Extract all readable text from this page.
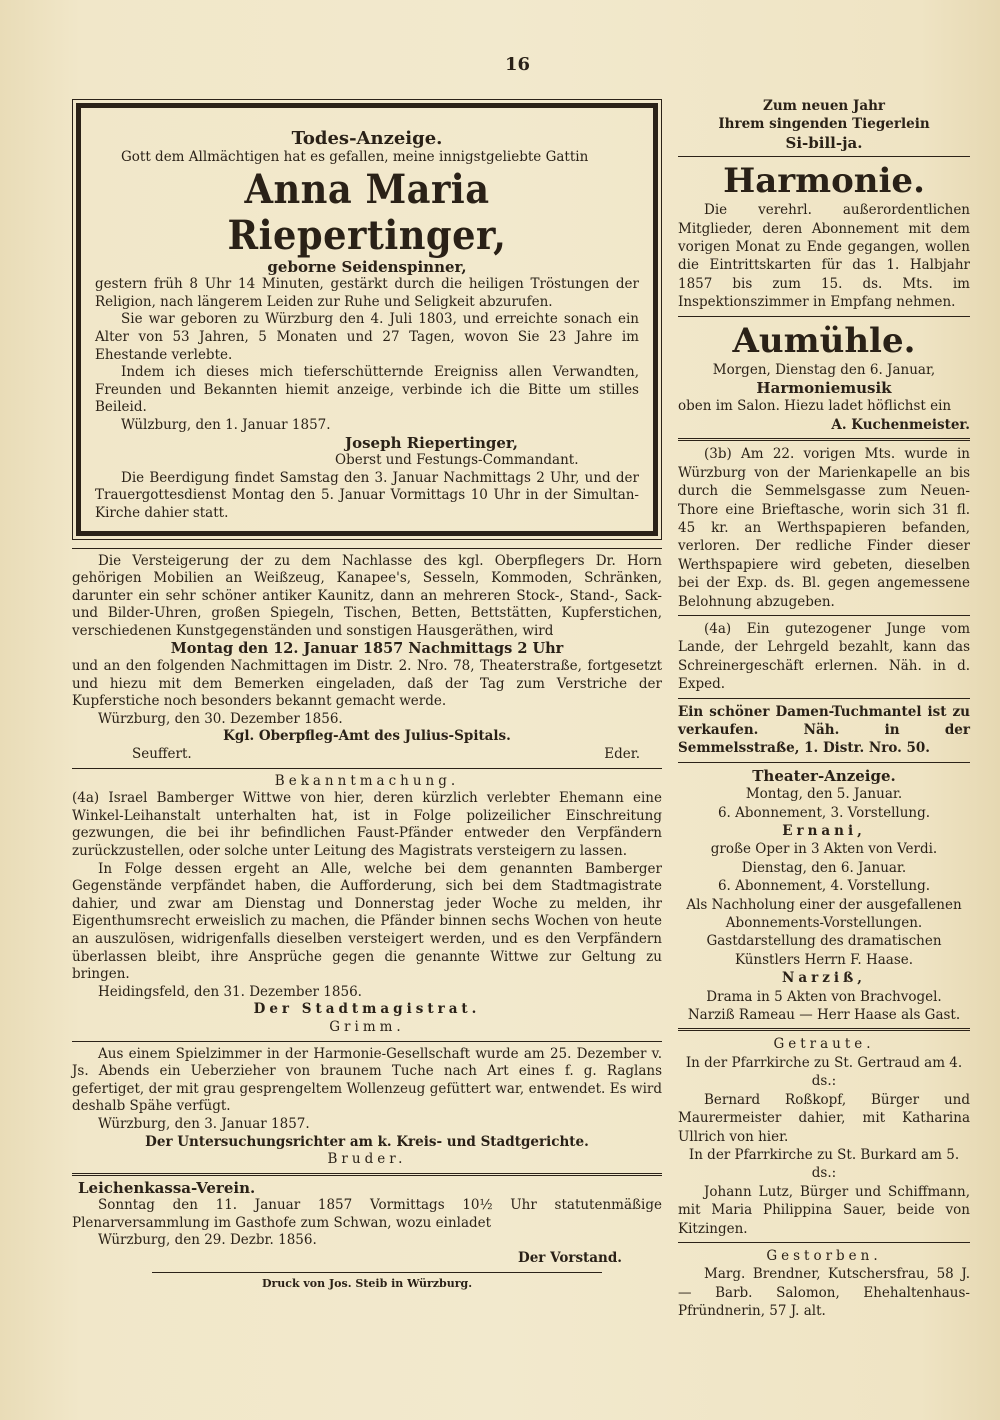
16

Todes-Anzeige.

Gott dem Allmächtigen hat es gefallen, meine innigstgeliebte Gattin

Anna Maria Riepertinger,

geborne Seidenspinner,

gestern früh 8 Uhr 14 Minuten, gestärkt durch die heiligen Tröstungen der Religion, nach längerem Leiden zur Ruhe und Seligkeit abzurufen.

Sie war geboren zu Würzburg den 4. Juli 1803, und erreichte sonach ein Alter von 53 Jahren, 5 Monaten und 27 Tagen, wovon Sie 23 Jahre im Ehestande verlebte.

Indem ich dieses mich tieferschütternde Ereigniss allen Verwandten, Freunden und Bekannten hiemit anzeige, verbinde ich die Bitte um stilles Beileid.

Wülzburg, den 1. Januar 1857.

Joseph Riepertinger,

Oberst und Festungs-Commandant.

Die Beerdigung findet Samstag den 3. Januar Nachmittags 2 Uhr, und der Trauergottesdienst Montag den 5. Januar Vormittags 10 Uhr in der Simultan-Kirche dahier statt.

Die Versteigerung der zu dem Nachlasse des kgl. Oberpflegers Dr. Horn gehörigen Mobilien an Weißzeug, Kanapee's, Sesseln, Kommoden, Schränken, darunter ein sehr schöner antiker Kaunitz, dann an mehreren Stock-, Stand-, Sack- und Bilder-Uhren, großen Spiegeln, Tischen, Betten, Bettstätten, Kupferstichen, verschiedenen Kunstgegenständen und sonstigen Hausgeräthen, wird

Montag den 12. Januar 1857 Nachmittags 2 Uhr

und an den folgenden Nachmittagen im Distr. 2. Nro. 78, Theaterstraße, fortgesetzt und hiezu mit dem Bemerken eingeladen, daß der Tag zum Verstriche der Kupferstiche noch besonders bekannt gemacht werde.

Würzburg, den 30. Dezember 1856.

Kgl. Oberpfleg-Amt des Julius-Spitals.

Seuffert.	Eder.

Bekanntmachung.

(4a) Israel Bamberger Wittwe von hier, deren kürzlich verlebter Ehemann eine Winkel-Leihanstalt unterhalten hat, ist in Folge polizeilicher Einschreitung gezwungen, die bei ihr befindlichen Faust-Pfänder entweder den Verpfändern zurückzustellen, oder solche unter Leitung des Magistrats versteigern zu lassen.

In Folge dessen ergeht an Alle, welche bei dem genannten Bamberger Gegenstände verpfändet haben, die Aufforderung, sich bei dem Stadtmagistrate dahier, und zwar am Dienstag und Donnerstag jeder Woche zu melden, ihr Eigenthumsrecht erweislich zu machen, die Pfänder binnen sechs Wochen von heute an auszulösen, widrigenfalls dieselben versteigert werden, und es den Verpfändern überlassen bleibt, ihre Ansprüche gegen die genannte Wittwe zur Geltung zu bringen.

Heidingsfeld, den 31. Dezember 1856.

Der Stadtmagistrat.

Grimm.

Aus einem Spielzimmer in der Harmonie-Gesellschaft wurde am 25. Dezember v. Js. Abends ein Ueberzieher von braunem Tuche nach Art eines f. g. Raglans gefertiget, der mit grau gesprengeltem Wollenzeug gefüttert war, entwendet. Es wird deshalb Spähe verfügt.

Würzburg, den 3. Januar 1857.

Der Untersuchungsrichter am k. Kreis- und Stadtgerichte.

Bruder.

Leichenkassa-Verein.

Sonntag den 11. Januar 1857 Vormittags 10½ Uhr statutenmäßige Plenarversammlung im Gasthofe zum Schwan, wozu einladet

Würzburg, den 29. Dezbr. 1856.

Der Vorstand.

Druck von Jos. Steib in Würzburg.

Zum neuen Jahr

Ihrem singenden Tiegerlein

Si-bill-ja.

Harmonie.

Die verehrl. außerordentlichen Mitglieder, deren Abonnement mit dem vorigen Monat zu Ende gegangen, wollen die Eintrittskarten für das 1. Halbjahr 1857 bis zum 15. ds. Mts. im Inspektionszimmer in Empfang nehmen.

Aumühle.

Morgen, Dienstag den 6. Januar,

Harmoniemusik

oben im Salon. Hiezu ladet höflichst ein

A. Kuchenmeister.

(3b) Am 22. vorigen Mts. wurde in Würzburg von der Marienkapelle an bis durch die Semmelsgasse zum Neuen-Thore eine Brieftasche, worin sich 31 fl. 45 kr. an Werthspapieren befanden, verloren. Der redliche Finder dieser Werthspapiere wird gebeten, dieselben bei der Exp. ds. Bl. gegen angemessene Belohnung abzugeben.

(4a) Ein gutezogener Junge vom Lande, der Lehrgeld bezahlt, kann das Schreinergeschäft erlernen. Näh. in d. Exped.

Ein schöner Damen-Tuchmantel ist zu verkaufen. Näh. in der Semmelsstraße, 1. Distr. Nro. 50.

Theater-Anzeige.

Montag, den 5. Januar.

6. Abonnement, 3. Vorstellung.

Ernani,

große Oper in 3 Akten von Verdi.

Dienstag, den 6. Januar.

6. Abonnement, 4. Vorstellung.

Als Nachholung einer der ausgefallenen Abonnements-Vorstellungen.

Gastdarstellung des dramatischen Künstlers Herrn F. Haase.

Narziß,

Drama in 5 Akten von Brachvogel.

Narziß Rameau — Herr Haase als Gast.

Getraute.

In der Pfarrkirche zu St. Gertraud am 4. ds.:

Bernard Roßkopf, Bürger und Maurermeister dahier, mit Katharina Ullrich von hier.

In der Pfarrkirche zu St. Burkard am 5. ds.:

Johann Lutz, Bürger und Schiffmann, mit Maria Philippina Sauer, beide von Kitzingen.

Gestorben.

Marg. Brendner, Kutschersfrau, 58 J. — Barb. Salomon, Ehehaltenhaus-Pfründnerin, 57 J. alt.
